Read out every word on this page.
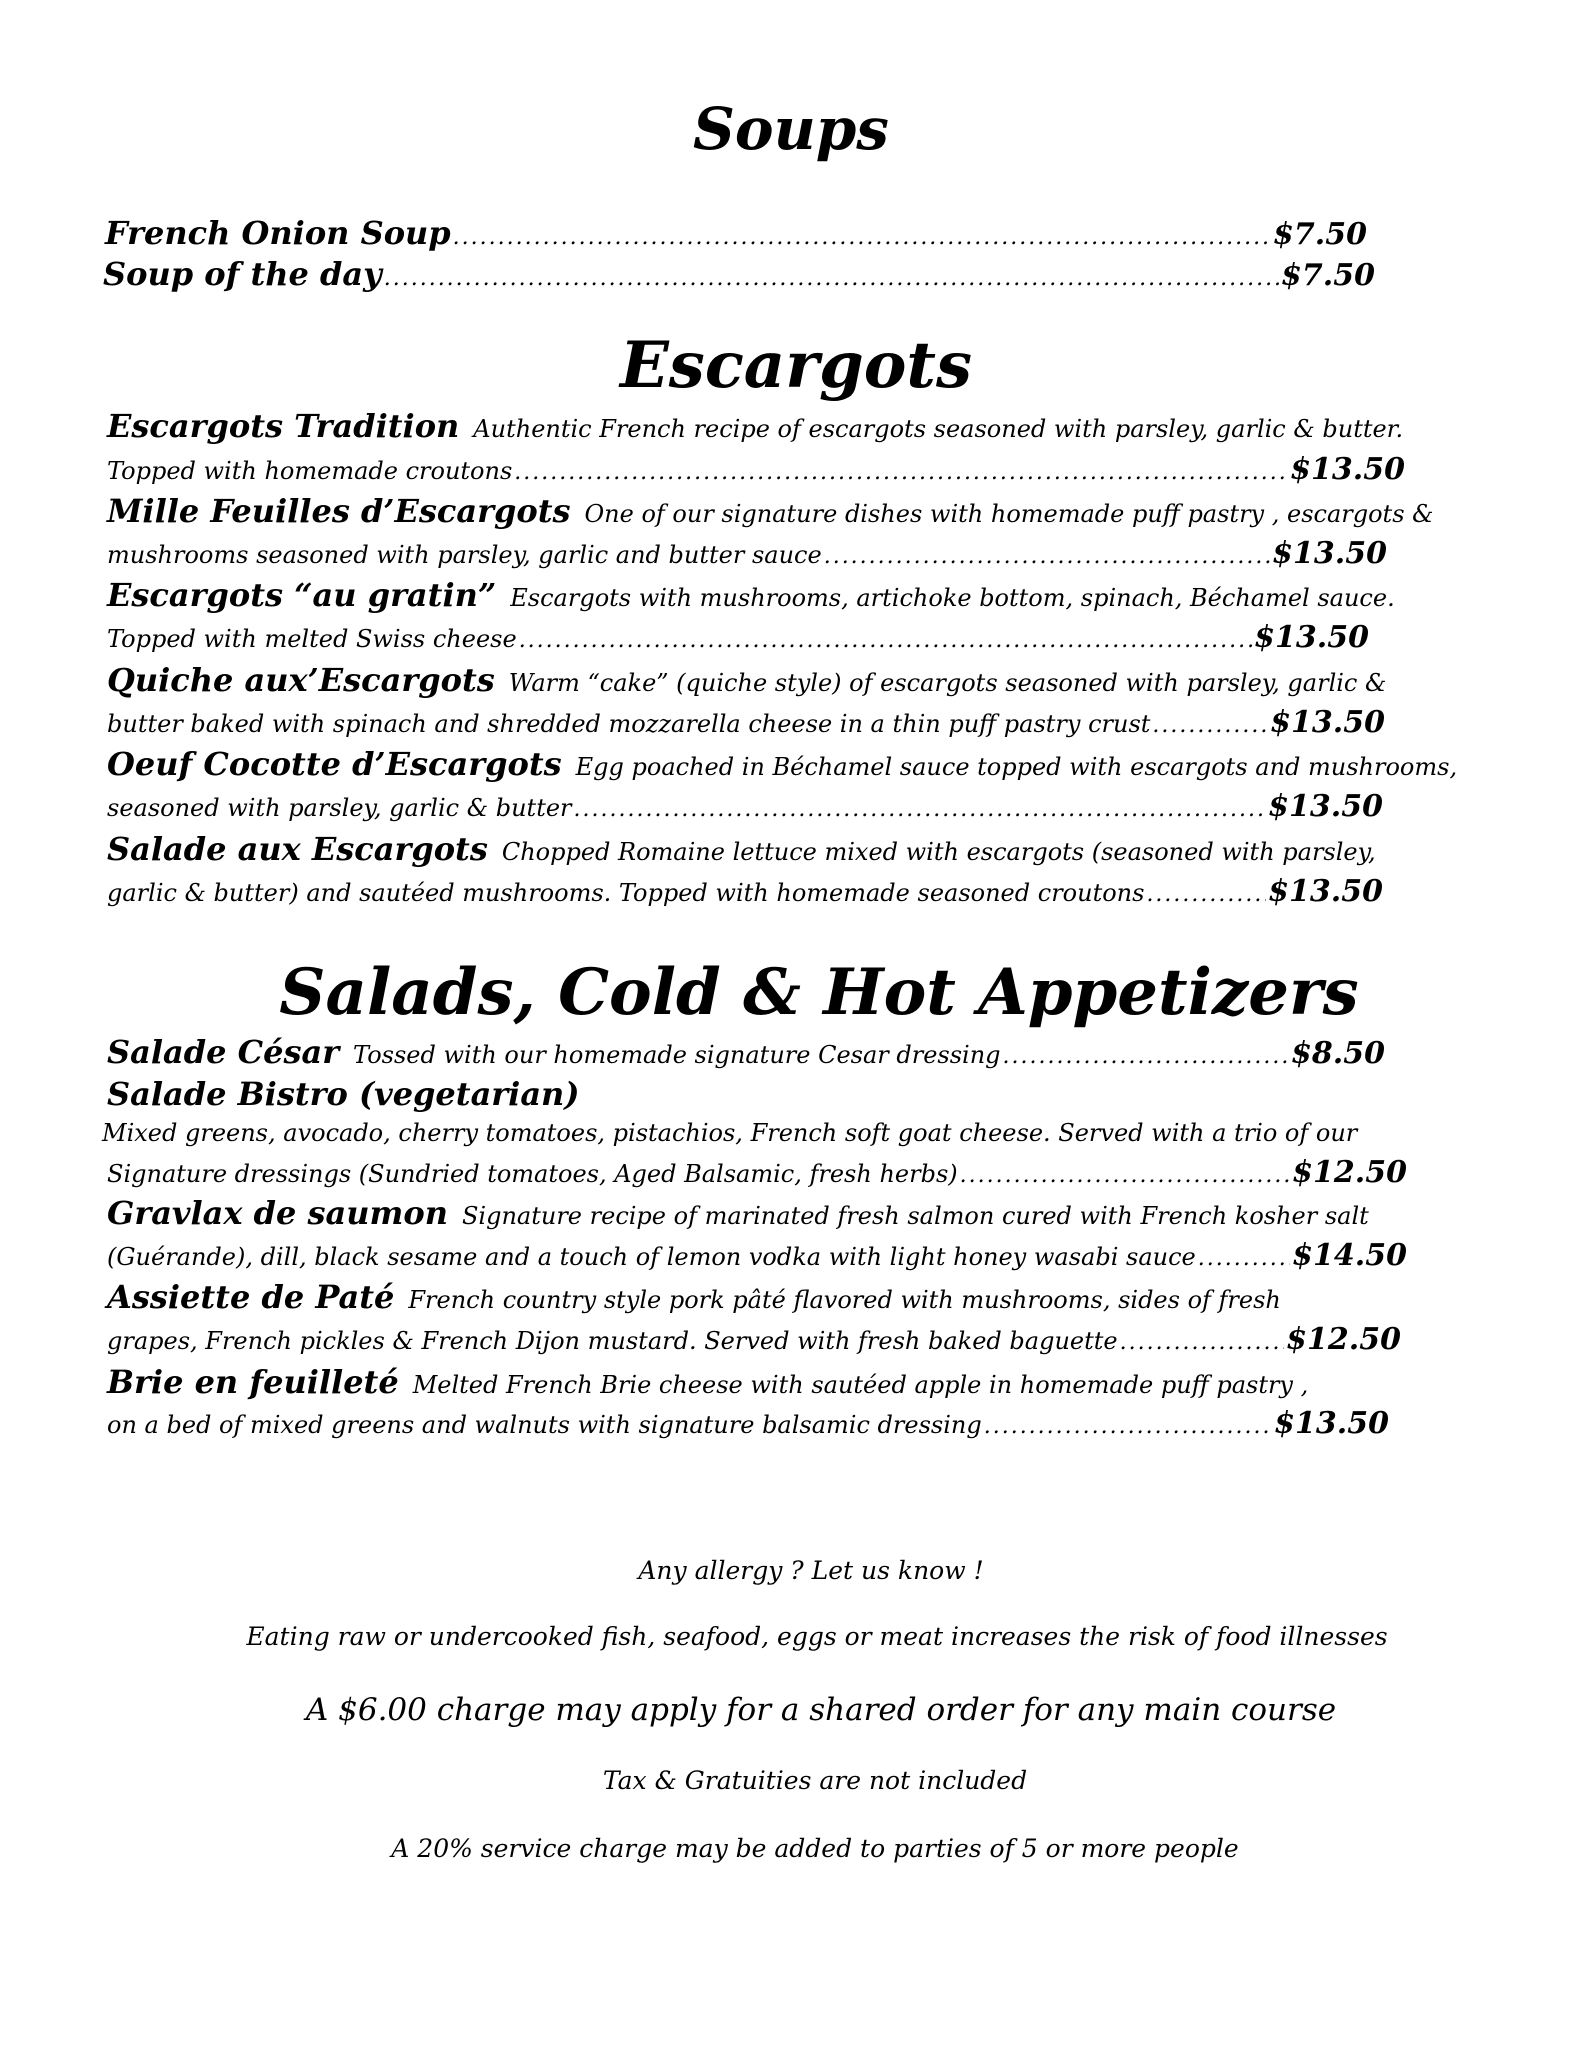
Soups
French Onion Soup .....	$7.50
Soup of the day .....	$7.50
Escargots
Escargots Tradition Authentic French recipe of escargots seasoned with parsley, garlic & butter.
Topped with homemade croutons .....	$13.50
Mille Feuilles d’Escargots One of our signature dishes with homemade puff pastry , escargots &
mushrooms seasoned with parsley, garlic and butter sauce .....	$13.50
Escargots “au gratin” Escargots with mushrooms, artichoke bottom, spinach, Béchamel sauce.
Topped with melted Swiss cheese .....	$13.50
Quiche aux’Escargots Warm “cake” (quiche style) of escargots seasoned with parsley, garlic &
butter baked with spinach and shredded mozzarella cheese in a thin puff pastry crust .....	$13.50
Oeuf Cocotte d’Escargots Egg poached in Béchamel sauce topped with escargots and mushrooms,
seasoned with parsley, garlic & butter .....	$13.50
Salade aux Escargots Chopped Romaine lettuce mixed with escargots (seasoned with parsley,
garlic & butter) and sautéed mushrooms. Topped with homemade seasoned croutons .....	$13.50
Salads, Cold & Hot Appetizers
Salade César Tossed with our homemade signature Cesar dressing .....	$8.50
Salade Bistro (vegetarian)
Mixed greens, avocado, cherry tomatoes, pistachios, French soft goat cheese. Served with a trio of our
Signature dressings (Sundried tomatoes, Aged Balsamic, fresh herbs) .....	$12.50
Gravlax de saumon Signature recipe of marinated fresh salmon cured with French kosher salt
(Guérande), dill, black sesame and a touch of lemon vodka with light honey wasabi sauce .....	$14.50
Assiette de Paté French country style pork pâté flavored with mushrooms, sides of fresh
grapes, French pickles & French Dijon mustard. Served with fresh baked baguette .....	$12.50
Brie en feuilleté Melted French Brie cheese with sautéed apple in homemade puff pastry ,
on a bed of mixed greens and walnuts with signature balsamic dressing .....	$13.50

Any allergy ? Let us know !

Eating raw or undercooked fish, seafood, eggs or meat increases the risk of food illnesses

A $6.00 charge may apply for a shared order for any main course

Tax & Gratuities are not included

A 20% service charge may be added to parties of 5 or more people
